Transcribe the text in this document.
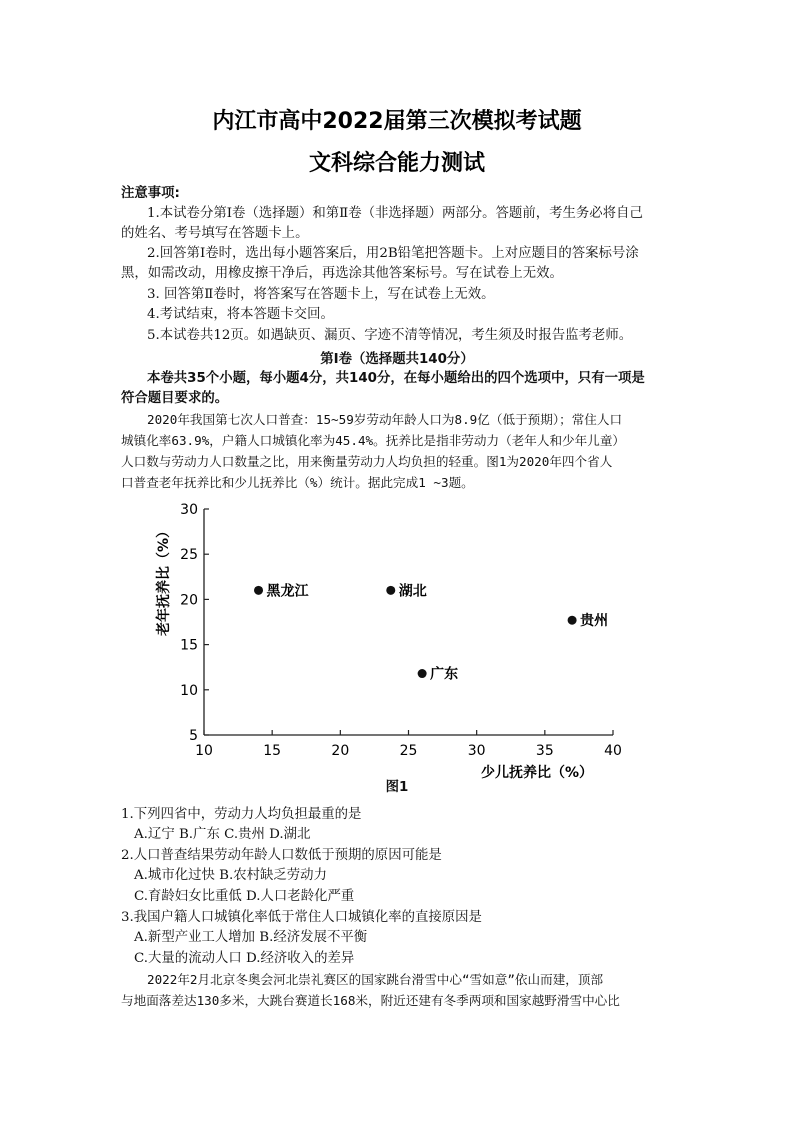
内江市高中2022届第三次模拟考试题
文科综合能力测试
注意事项:
1.本试卷分第Ⅰ卷（选择题）和第Ⅱ卷（非选择题）两部分。答题前，考生务必将自己
的姓名、考号填写在答题卡上。
2.回答第Ⅰ卷时，选出每小题答案后，用2B铅笔把答题卡。上对应题目的答案标号涂
黑，如需改动，用橡皮擦干净后，再选涂其他答案标号。写在试卷上无效。
3. 回答第Ⅱ卷时，将答案写在答题卡上，写在试卷上无效。
4.考试结束，将本答题卡交回。
5.本试卷共12页。如遇缺页、漏页、字迹不清等情况，考生须及时报告监考老师。
第Ⅰ卷（选择题共140分）
本卷共35个小题，每小题4分，共140分，在每小题给出的四个选项中，只有一项是
符合题目要求的。
2020年我国第七次人口普查：15~59岁劳动年龄人口为8.9亿（低于预期）；常住人口
城镇化率63.9%，户籍人口城镇化率为45.4%。抚养比是指非劳动力（老年人和少年儿童）
人口数与劳动力人口数量之比，用来衡量劳动力人均负担的轻重。图1为2020年四个省人
口普查老年抚养比和少儿抚养比（%）统计。据此完成1 ~3题。
10	15	20	25	30	35	40
5
10
15
20
25
30
黑龙江	湖北
贵州
广东
老年抚养比（%）
少儿抚养比（%）
图1
1.下列四省中，劳动力人均负担最重的是
A.辽宁 B.广东 C.贵州 D.湖北
2.人口普查结果劳动年龄人口数低于预期的原因可能是
A.城市化过快 B.农村缺乏劳动力
C.育龄妇女比重低 D.人口老龄化严重
3.我国户籍人口城镇化率低于常住人口城镇化率的直接原因是
A.新型产业工人增加 B.经济发展不平衡
C.大量的流动人口 D.经济收入的差异
2022年2月北京冬奥会河北崇礼赛区的国家跳台滑雪中心“雪如意”依山而建，顶部
与地面落差达130多米，大跳台赛道长168米，附近还建有冬季两项和国家越野滑雪中心比
